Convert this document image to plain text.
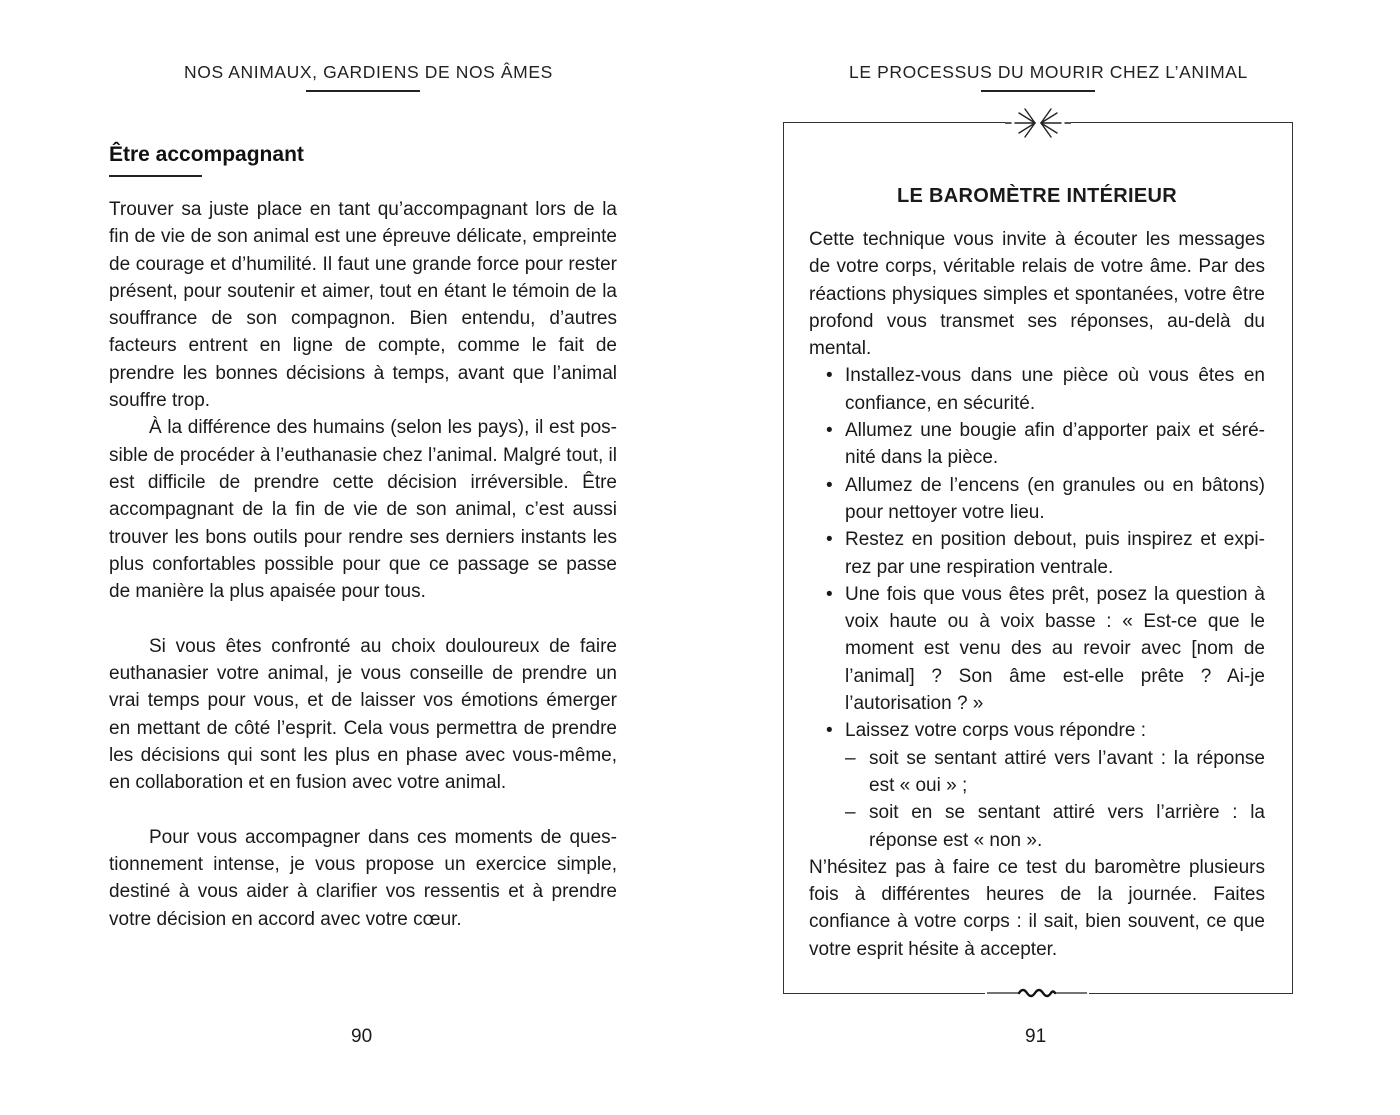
NOS ANIMAUX, GARDIENS DE NOS ÂMES
Être accompagnant

Trouver sa juste place en tant qu’accompagnant lors de la fin de vie de son animal est une épreuve délicate, empreinte de courage et d’humilité. Il faut une grande force pour rester présent, pour soutenir et aimer, tout en étant le témoin de la souffrance de son compagnon. Bien entendu, d’autres facteurs entrent en ligne de compte, comme le fait de prendre les bonnes décisions à temps, avant que l’animal souffre trop.

À la différence des humains (selon les pays), il est possible de procéder à l’euthanasie chez l’animal. Malgré tout, il est difficile de prendre cette décision irréversible. Être accompagnant de la fin de vie de son animal, c’est aussi trouver les bons outils pour rendre ses derniers instants les plus confortables possible pour que ce passage se passe de manière la plus apaisée pour tous.

Si vous êtes confronté au choix douloureux de faire euthanasier votre animal, je vous conseille de prendre un vrai temps pour vous, et de laisser vos émotions émerger en mettant de côté l’esprit. Cela vous permettra de prendre les décisions qui sont les plus en phase avec vous-même, en collaboration et en fusion avec votre animal.

Pour vous accompagner dans ces moments de questionnement intense, je vous propose un exercice simple, destiné à vous aider à clarifier vos ressentis et à prendre votre décision en accord avec votre cœur.

90
LE PROCESSUS DU MOURIR CHEZ L’ANIMAL
LE BAROMÈTRE INTÉRIEUR

Cette technique vous invite à écouter les messages de votre corps, véritable relais de votre âme. Par des réactions physiques simples et spontanées, votre être profond vous transmet ses réponses, au-delà du mental.

• Installez-vous dans une pièce où vous êtes en confiance, en sécurité.
• Allumez une bougie afin d’apporter paix et sérénité dans la pièce.
• Allumez de l’encens (en granules ou en bâtons) pour nettoyer votre lieu.
• Restez en position debout, puis inspirez et expirez par une respiration ventrale.
• Une fois que vous êtes prêt, posez la question à voix haute ou à voix basse : « Est-ce que le moment est venu des au revoir avec [nom de l’animal] ? Son âme est-elle prête ? Ai-je l’autorisation ? »
• Laissez votre corps vous répondre :
– soit se sentant attiré vers l’avant : la réponse est « oui » ;
– soit en se sentant attiré vers l’arrière : la réponse est « non ».

N’hésitez pas à faire ce test du baromètre plusieurs fois à différentes heures de la journée. Faites confiance à votre corps : il sait, bien souvent, ce que votre esprit hésite à accepter.

91
